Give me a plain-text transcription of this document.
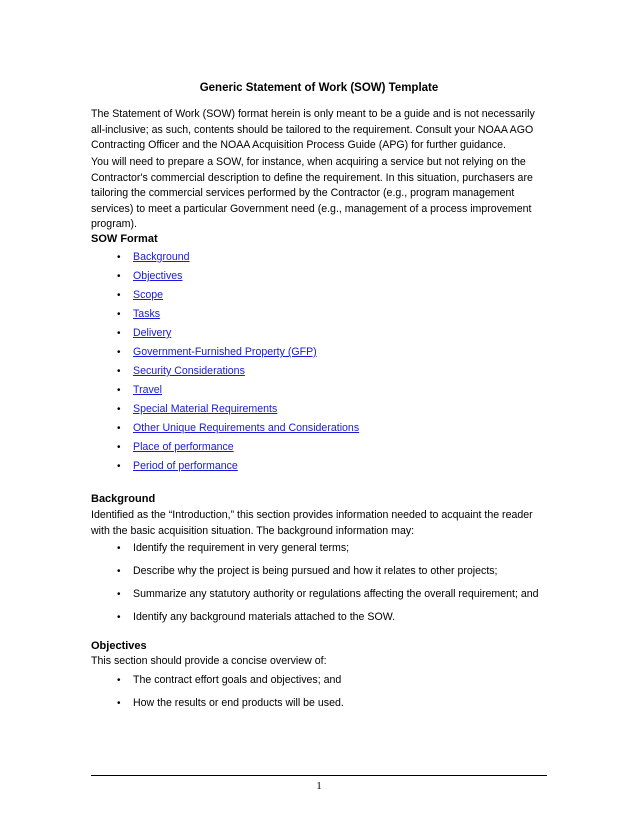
Generic Statement of Work (SOW) Template

The Statement of Work (SOW) format herein is only meant to be a guide and is not necessarily all-inclusive; as such, contents should be tailored to the requirement. Consult your NOAA AGO Contracting Officer and the NOAA Acquisition Process Guide (APG) for further guidance.

You will need to prepare a SOW, for instance, when acquiring a service but not relying on the Contractor's commercial description to define the requirement. In this situation, purchasers are tailoring the commercial services performed by the Contractor (e.g., program management services) to meet a particular Government need (e.g., management of a process improvement program).

SOW Format
• Background
• Objectives
• Scope
• Tasks
• Delivery
• Government-Furnished Property (GFP)
• Security Considerations
• Travel
• Special Material Requirements
• Other Unique Requirements and Considerations
• Place of performance
• Period of performance
Background

Identified as the “Introduction,” this section provides information needed to acquaint the reader with the basic acquisition situation. The background information may:

• Identify the requirement in very general terms;
• Describe why the project is being pursued and how it relates to other projects;
• Summarize any statutory authority or regulations affecting the overall requirement; and
• Identify any background materials attached to the SOW.
Objectives

This section should provide a concise overview of:

• The contract effort goals and objectives; and
• How the results or end products will be used.
1
